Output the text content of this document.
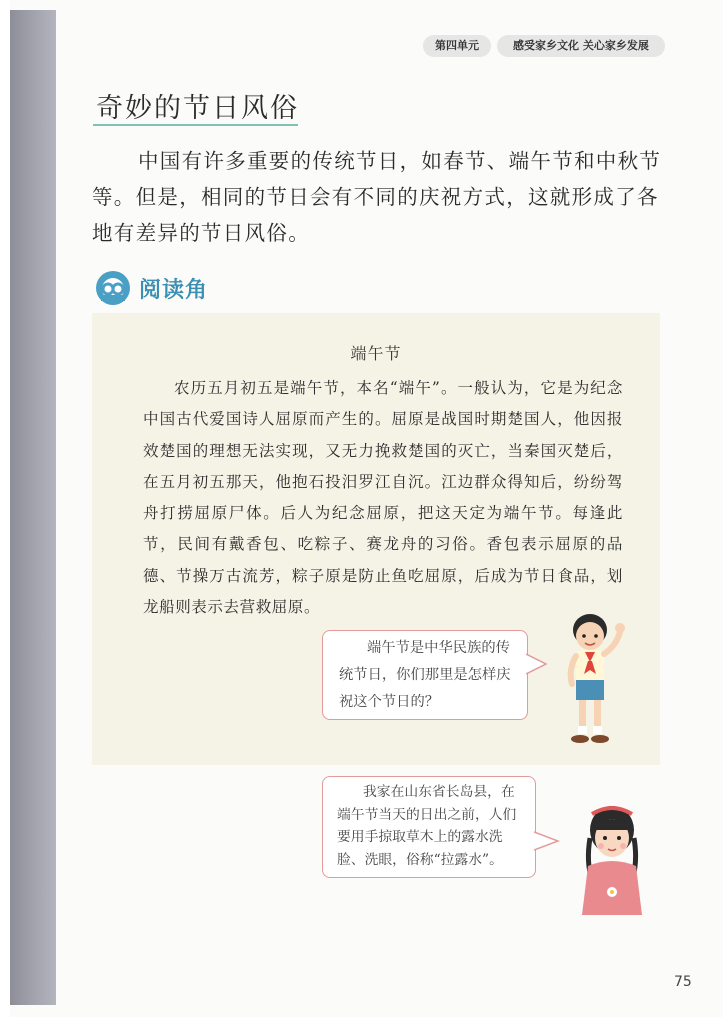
第四单元	感受家乡文化 关心家乡发展
奇妙的节日风俗
中国有许多重要的传统节日，如春节、端午节和中秋节等。但是，相同的节日会有不同的庆祝方式，这就形成了各地有差异的节日风俗。
阅读角
端午节
农历五月初五是端午节，本名“端午”。一般认为，它是为纪念中国古代爱国诗人屈原而产生的。屈原是战国时期楚国人，他因报效楚国的理想无法实现，又无力挽救楚国的灭亡，当秦国灭楚后，在五月初五那天，他抱石投汨罗江自沉。江边群众得知后，纷纷驾舟打捞屈原尸体。后人为纪念屈原，把这天定为端午节。每逢此节，民间有戴香包、吃粽子、赛龙舟的习俗。香包表示屈原的品德、节操万古流芳，粽子原是防止鱼吃屈原，后成为节日食品，划龙船则表示去营救屈原。
端午节是中华民族的传统节日，你们那里是怎样庆祝这个节日的？
我家在山东省长岛县，在端午节当天的日出之前，人们要用手掠取草木上的露水洗脸、洗眼，俗称“拉露水”。
75
